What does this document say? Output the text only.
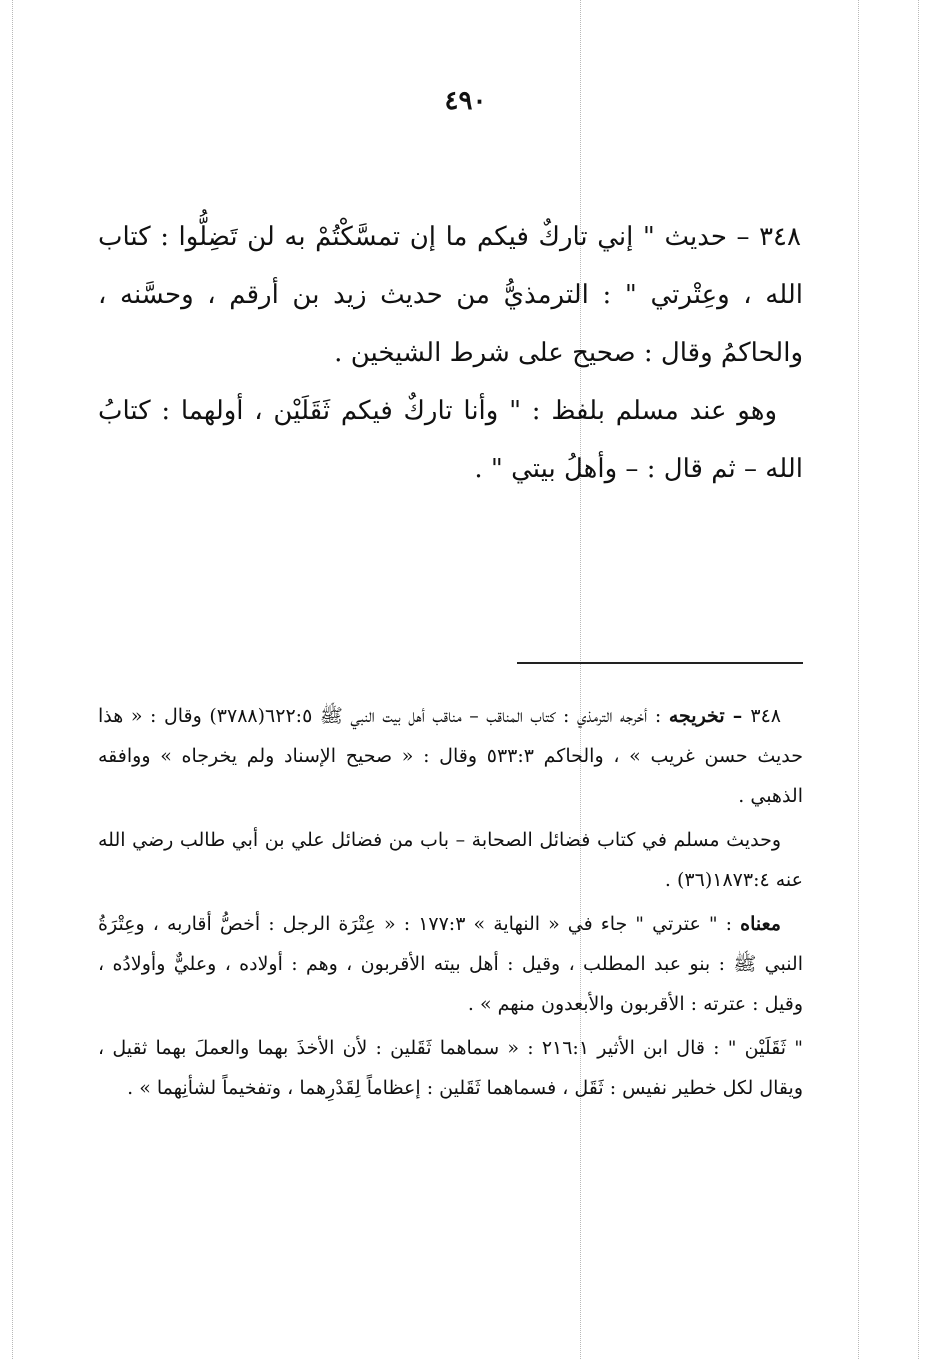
٤٩٠

٣٤٨ – حديث " إني تاركٌ فيكم ما إن تمسَّكْتُمْ به لن تَضِلُّوا : كتاب الله ، وعِتْرتي " : الترمذيُّ من حديث زيد بن أرقم ، وحسَّنه ، والحاكمُ وقال : صحيح على شرط الشيخين .

وهو عند مسلم بلفظ : " وأنا تاركٌ فيكم ثَقَلَيْن ، أولهما : كتابُ الله – ثم قال : – وأهلُ بيتي " .

٣٤٨ – تخريجه : أخرجه الترمذي : كتاب المناقب – مناقب أهل بيت النبي ﷺ ٦٢٢:٥(٣٧٨٨) وقال : « هذا حديث حسن غريب » ، والحاكم ٥٣٣:٣ وقال : « صحيح الإسناد ولم يخرجاه » ووافقه الذهبي .

وحديث مسلم في كتاب فضائل الصحابة – باب من فضائل علي بن أبي طالب رضي الله عنه ١٨٧٣:٤(٣٦) .

معناه : " عترتي " جاء في « النهاية » ١٧٧:٣ : « عِتْرَة الرجل : أخصُّ أقاربه ، وعِتْرَةُ النبي ﷺ : بنو عبد المطلب ، وقيل : أهل بيته الأقربون ، وهم : أولاده ، وعليٌّ وأولادُه ، وقيل : عترته : الأقربون والأبعدون منهم » .

" ثَقَلَيْن " : قال ابن الأثير ٢١٦:١ : « سماهما ثَقَلين : لأن الأخذَ بهما والعملَ بهما ثقيل ، ويقال لكل خطير نفيس : ثَقَل ، فسماهما ثَقَلين : إعظاماً لِقَدْرِهما ، وتفخيماً لشأنِهما » .
